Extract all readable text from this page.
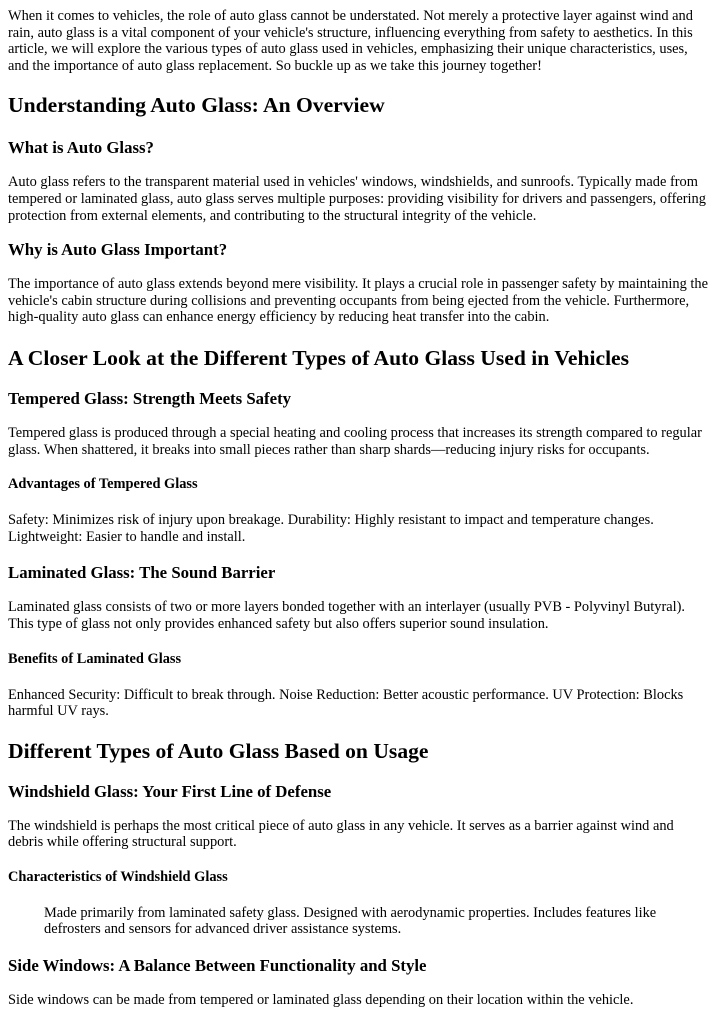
When it comes to vehicles, the role of auto glass cannot be understated. Not merely a protective layer against wind and rain, auto glass is a vital component of your vehicle's structure, influencing everything from safety to aesthetics. In this article, we will explore the various types of auto glass used in vehicles, emphasizing their unique characteristics, uses, and the importance of auto glass replacement. So buckle up as we take this journey together!

Understanding Auto Glass: An Overview
What is Auto Glass?

Auto glass refers to the transparent material used in vehicles' windows, windshields, and sunroofs. Typically made from tempered or laminated glass, auto glass serves multiple purposes: providing visibility for drivers and passengers, offering protection from external elements, and contributing to the structural integrity of the vehicle.

Why is Auto Glass Important?

The importance of auto glass extends beyond mere visibility. It plays a crucial role in passenger safety by maintaining the vehicle's cabin structure during collisions and preventing occupants from being ejected from the vehicle. Furthermore, high-quality auto glass can enhance energy efficiency by reducing heat transfer into the cabin.

A Closer Look at the Different Types of Auto Glass Used in Vehicles
Tempered Glass: Strength Meets Safety

Tempered glass is produced through a special heating and cooling process that increases its strength compared to regular glass. When shattered, it breaks into small pieces rather than sharp shards—reducing injury risks for occupants.

Advantages of Tempered Glass

Safety: Minimizes risk of injury upon breakage. Durability: Highly resistant to impact and temperature changes. Lightweight: Easier to handle and install.

Laminated Glass: The Sound Barrier

Laminated glass consists of two or more layers bonded together with an interlayer (usually PVB - Polyvinyl Butyral). This type of glass not only provides enhanced safety but also offers superior sound insulation.

Benefits of Laminated Glass

Enhanced Security: Difficult to break through. Noise Reduction: Better acoustic performance. UV Protection: Blocks harmful UV rays.

Different Types of Auto Glass Based on Usage
Windshield Glass: Your First Line of Defense

The windshield is perhaps the most critical piece of auto glass in any vehicle. It serves as a barrier against wind and debris while offering structural support.

Characteristics of Windshield Glass

Made primarily from laminated safety glass. Designed with aerodynamic properties. Includes features like defrosters and sensors for advanced driver assistance systems.

Side Windows: A Balance Between Functionality and Style

Side windows can be made from tempered or laminated glass depending on their location within the vehicle.
